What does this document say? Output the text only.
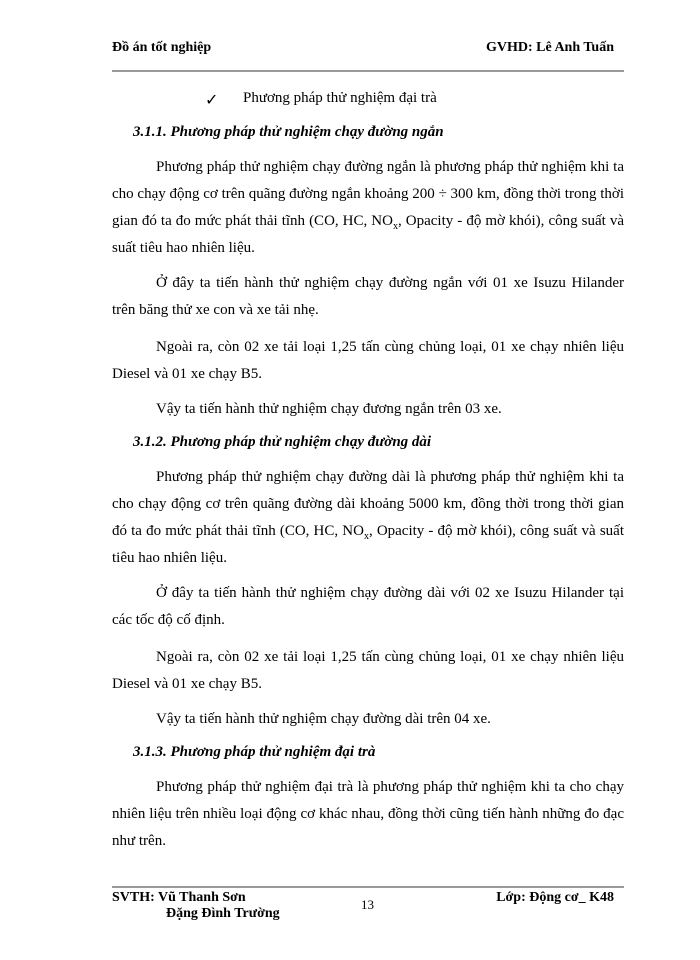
Đồ án tốt nghiệp	GVHD: Lê Anh Tuấn
✓ Phương pháp thử nghiệm đại trà
3.1.1. Phương pháp thử nghiệm chạy đường ngắn

Phương pháp thử nghiệm chạy đường ngắn là phương pháp thử nghiệm khi ta cho chạy động cơ trên quãng đường ngắn khoảng 200 ÷ 300 km, đồng thời trong thời gian đó ta đo mức phát thải tĩnh (CO, HC, $NO_x$, Opacity - độ mờ khói), công suất và suất tiêu hao nhiên liệu.

Ở đây ta tiến hành thử nghiệm chạy đường ngắn với 01 xe Isuzu Hilander trên băng thử xe con và xe tải nhẹ.

Ngoài ra, còn 02 xe tải loại 1,25 tấn cùng chủng loại, 01 xe chạy nhiên liệu Diesel và 01 xe chạy B5.

Vậy ta tiến hành thử nghiệm chạy đương ngắn trên 03 xe.

3.1.2. Phương pháp thử nghiệm chạy đường dài

Phương pháp thử nghiệm chạy đường dài là phương pháp thử nghiệm khi ta cho chạy động cơ trên quãng đường dài khoảng 5000 km, đồng thời trong thời gian đó ta đo mức phát thải tĩnh (CO, HC, $NO_x$, Opacity - độ mờ khói), công suất và suất tiêu hao nhiên liệu.

Ở đây ta tiến hành thử nghiệm chạy đường dài với 02 xe Isuzu Hilander tại các tốc độ cố định.

Ngoài ra, còn 02 xe tải loại 1,25 tấn cùng chủng loại, 01 xe chạy nhiên liệu Diesel và 01 xe chạy B5.

Vậy ta tiến hành thử nghiệm chạy đường dài trên 04 xe.

3.1.3. Phương pháp thử nghiệm đại trà

Phương pháp thử nghiệm đại trà là phương pháp thử nghiệm khi ta cho chạy nhiên liệu trên nhiều loại động cơ khác nhau, đồng thời cũng tiến hành những đo đạc như trên.

SVTH: Vũ Thanh Sơn
Đặng Đình Trường
13	Lớp: Động cơ_ K48
